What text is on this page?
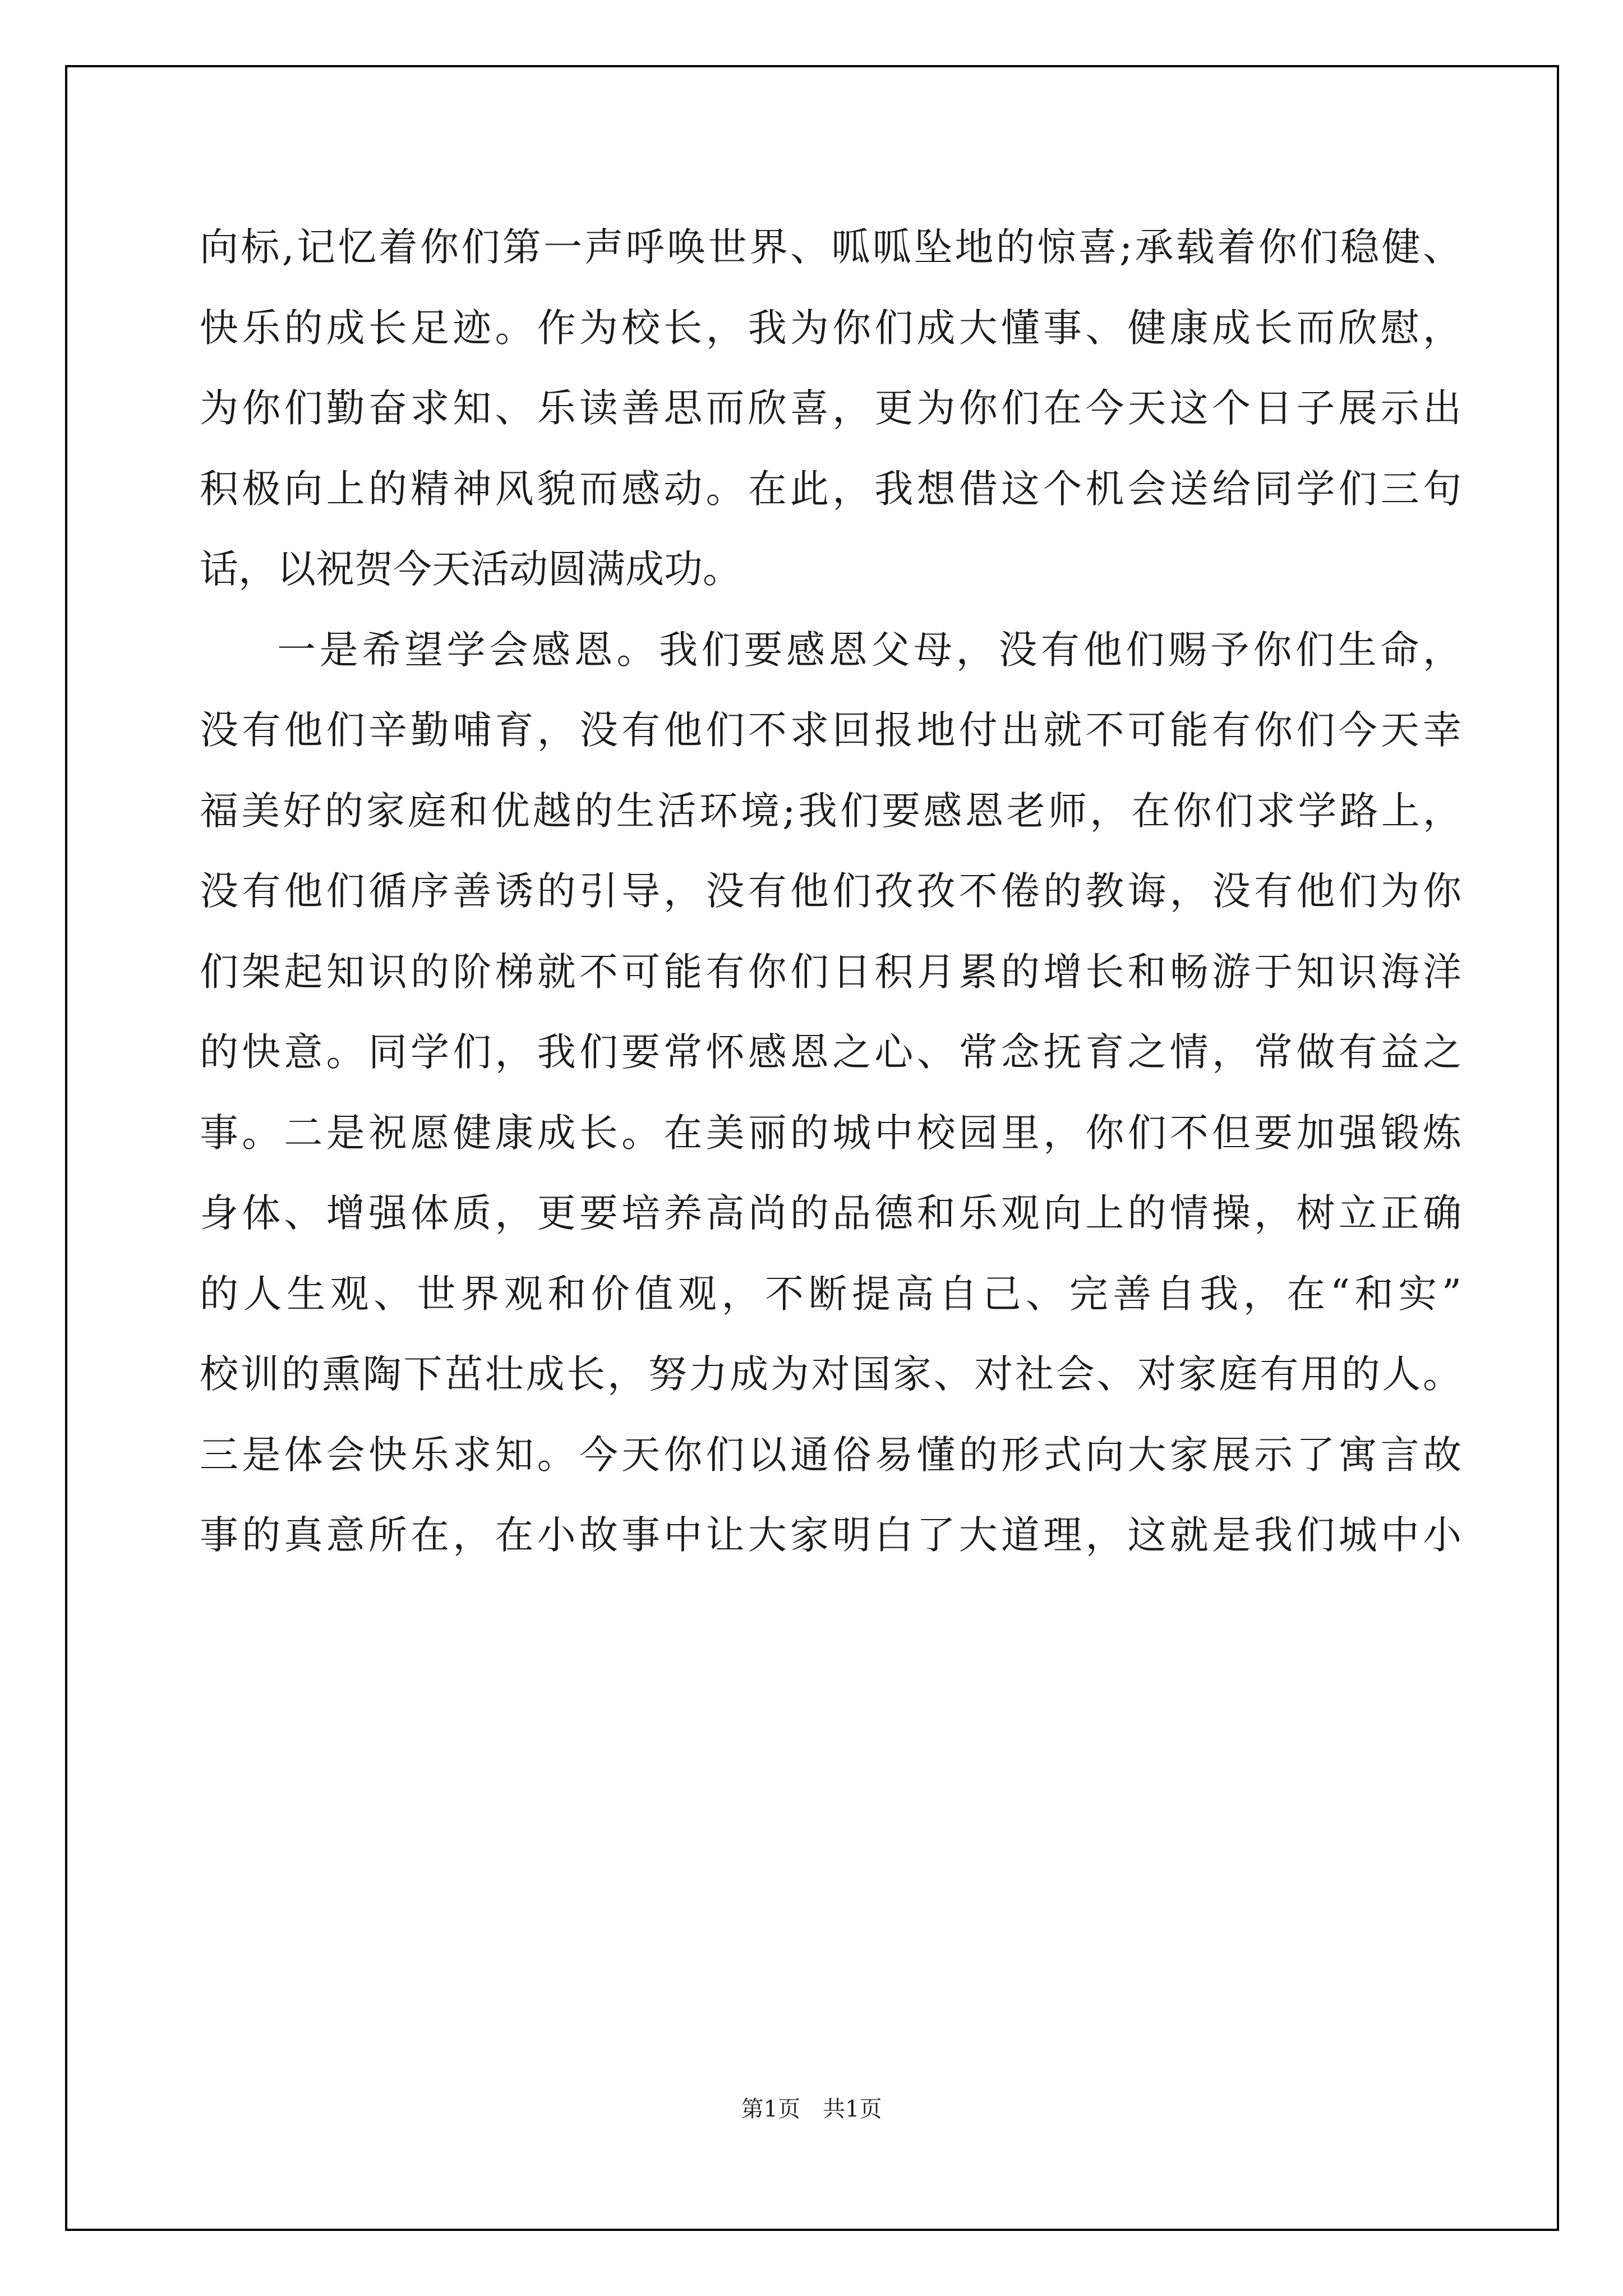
向标,记忆着你们第一声呼唤世界、呱呱坠地的惊喜;承载着你们稳健、
快乐的成长足迹。作为校长，我为你们成大懂事、健康成长而欣慰，
为你们勤奋求知、乐读善思而欣喜，更为你们在今天这个日子展示出
积极向上的精神风貌而感动。在此，我想借这个机会送给同学们三句
话，以祝贺今天活动圆满成功。
一是希望学会感恩。我们要感恩父母，没有他们赐予你们生命，
没有他们辛勤哺育，没有他们不求回报地付出就不可能有你们今天幸
福美好的家庭和优越的生活环境;我们要感恩老师，在你们求学路上，
没有他们循序善诱的引导，没有他们孜孜不倦的教诲，没有他们为你
们架起知识的阶梯就不可能有你们日积月累的增长和畅游于知识海洋
的快意。同学们，我们要常怀感恩之心、常念抚育之情，常做有益之
事。二是祝愿健康成长。在美丽的城中校园里，你们不但要加强锻炼
身体、增强体质，更要培养高尚的品德和乐观向上的情操，树立正确
的人生观、世界观和价值观，不断提高自己、完善自我，在“和实”
校训的熏陶下茁壮成长，努力成为对国家、对社会、对家庭有用的人。
三是体会快乐求知。今天你们以通俗易懂的形式向大家展示了寓言故
事的真意所在，在小故事中让大家明白了大道理，这就是我们城中小
第1页　共1页
